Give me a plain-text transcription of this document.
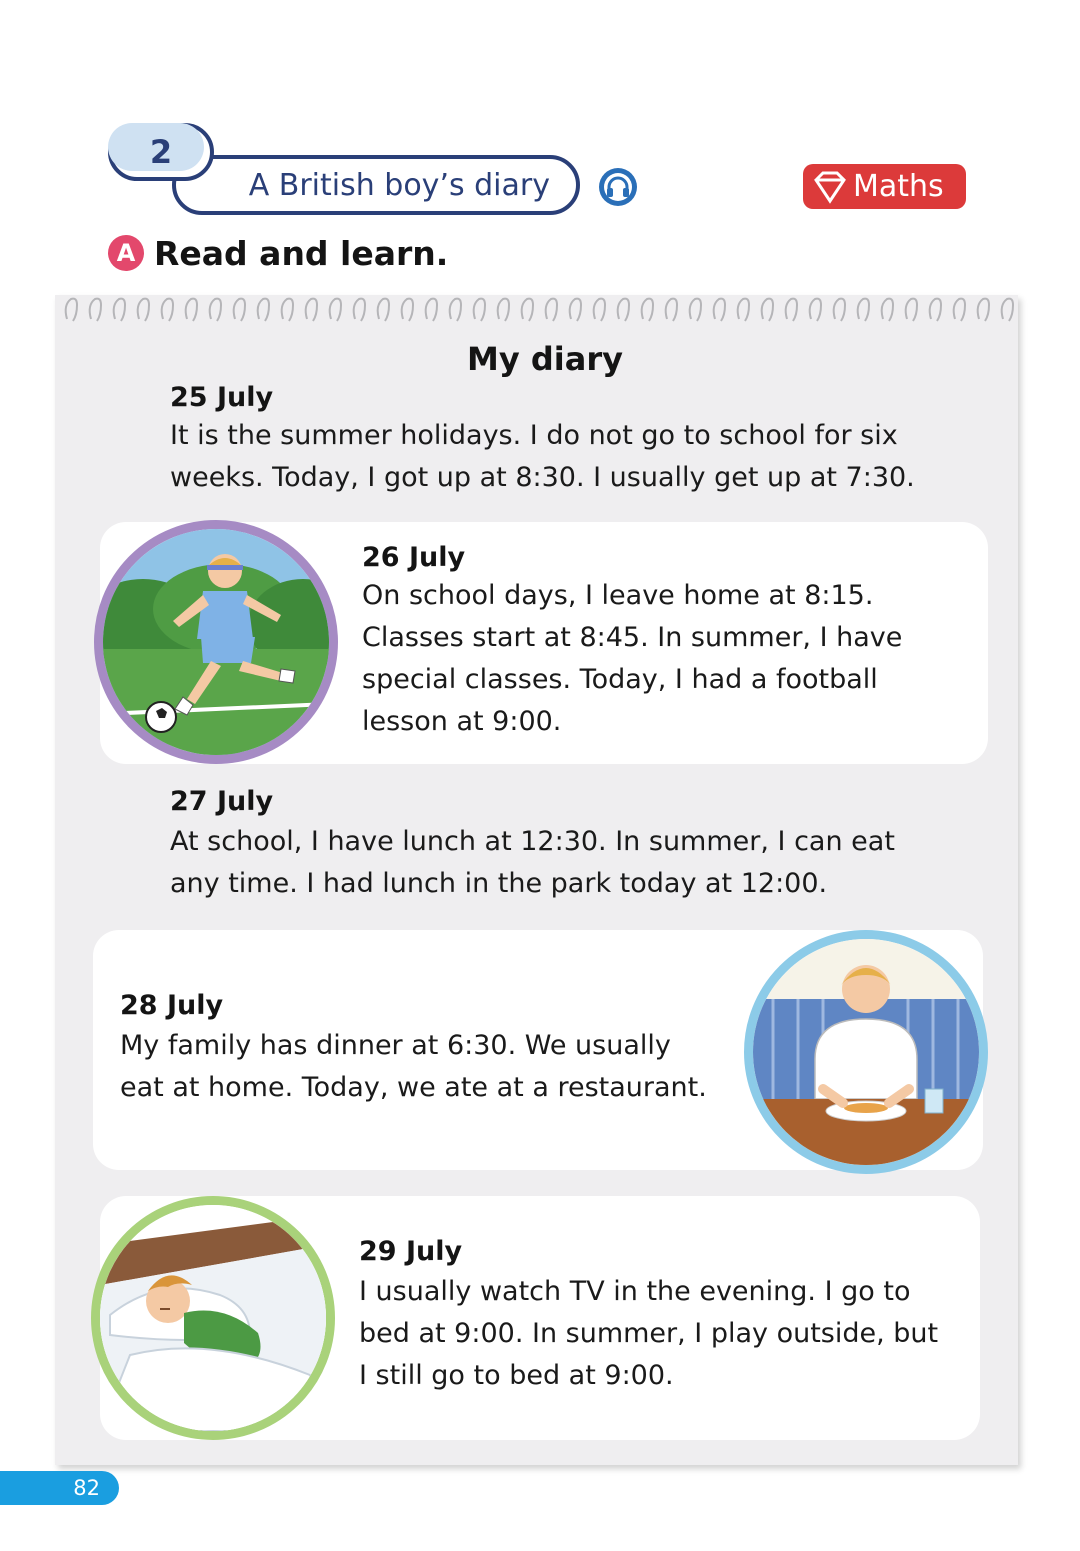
2
A British boy’s diary	Maths
A Read and learn.
My diary
25 July
It is the summer holidays. I do not go to school for six
weeks. Today, I got up at 8:30. I usually get up at 7:30.
26 July
On school days, I leave home at 8:15.
Classes start at 8:45. In summer, I have
special classes. Today, I had a football
lesson at 9:00.
27 July
At school, I have lunch at 12:30. In summer, I can eat
any time. I had lunch in the park today at 12:00.
28 July
My family has dinner at 6:30. We usually
eat at home. Today, we ate at a restaurant.
29 July
I usually watch TV in the evening. I go to
bed at 9:00. In summer, I play outside, but
I still go to bed at 9:00.
82
